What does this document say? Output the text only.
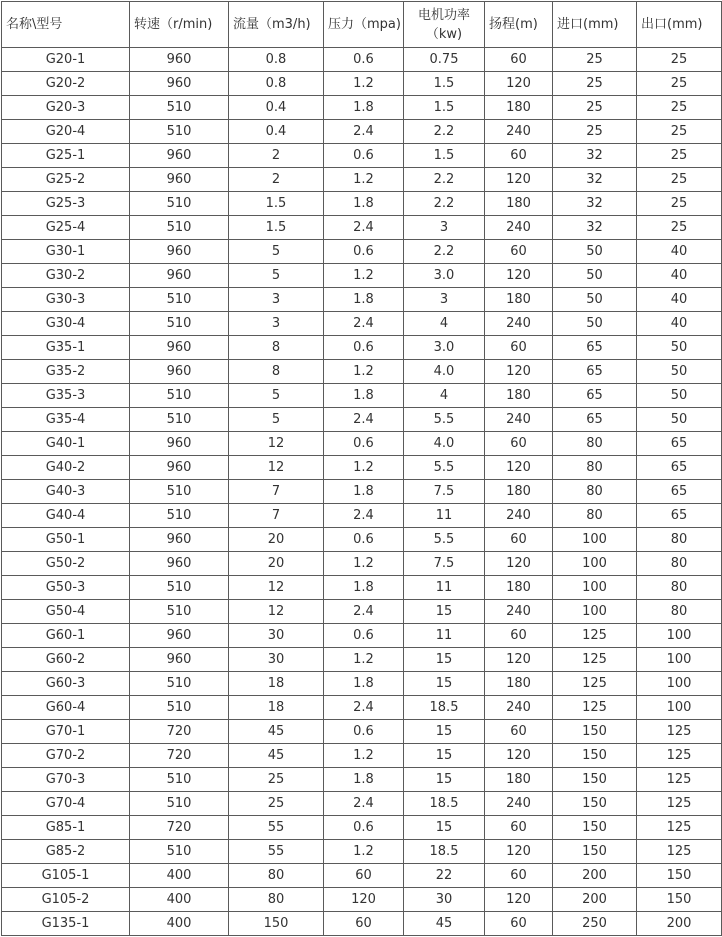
名称\型号	转速（r/min)	流量（m3/h)	压力（mpa)	电机功率（kw)	扬程(m)	进口(mm)	出口(mm)
G20-1	960	0.8	0.6	0.75	60	25	25
G20-2	960	0.8	1.2	1.5	120	25	25
G20-3	510	0.4	1.8	1.5	180	25	25
G20-4	510	0.4	2.4	2.2	240	25	25
G25-1	960	2	0.6	1.5	60	32	25
G25-2	960	2	1.2	2.2	120	32	25
G25-3	510	1.5	1.8	2.2	180	32	25
G25-4	510	1.5	2.4	3	240	32	25
G30-1	960	5	0.6	2.2	60	50	40
G30-2	960	5	1.2	3.0	120	50	40
G30-3	510	3	1.8	3	180	50	40
G30-4	510	3	2.4	4	240	50	40
G35-1	960	8	0.6	3.0	60	65	50
G35-2	960	8	1.2	4.0	120	65	50
G35-3	510	5	1.8	4	180	65	50
G35-4	510	5	2.4	5.5	240	65	50
G40-1	960	12	0.6	4.0	60	80	65
G40-2	960	12	1.2	5.5	120	80	65
G40-3	510	7	1.8	7.5	180	80	65
G40-4	510	7	2.4	11	240	80	65
G50-1	960	20	0.6	5.5	60	100	80
G50-2	960	20	1.2	7.5	120	100	80
G50-3	510	12	1.8	11	180	100	80
G50-4	510	12	2.4	15	240	100	80
G60-1	960	30	0.6	11	60	125	100
G60-2	960	30	1.2	15	120	125	100
G60-3	510	18	1.8	15	180	125	100
G60-4	510	18	2.4	18.5	240	125	100
G70-1	720	45	0.6	15	60	150	125
G70-2	720	45	1.2	15	120	150	125
G70-3	510	25	1.8	15	180	150	125
G70-4	510	25	2.4	18.5	240	150	125
G85-1	720	55	0.6	15	60	150	125
G85-2	510	55	1.2	18.5	120	150	125
G105-1	400	80	60	22	60	200	150
G105-2	400	80	120	30	120	200	150
G135-1	400	150	60	45	60	250	200
